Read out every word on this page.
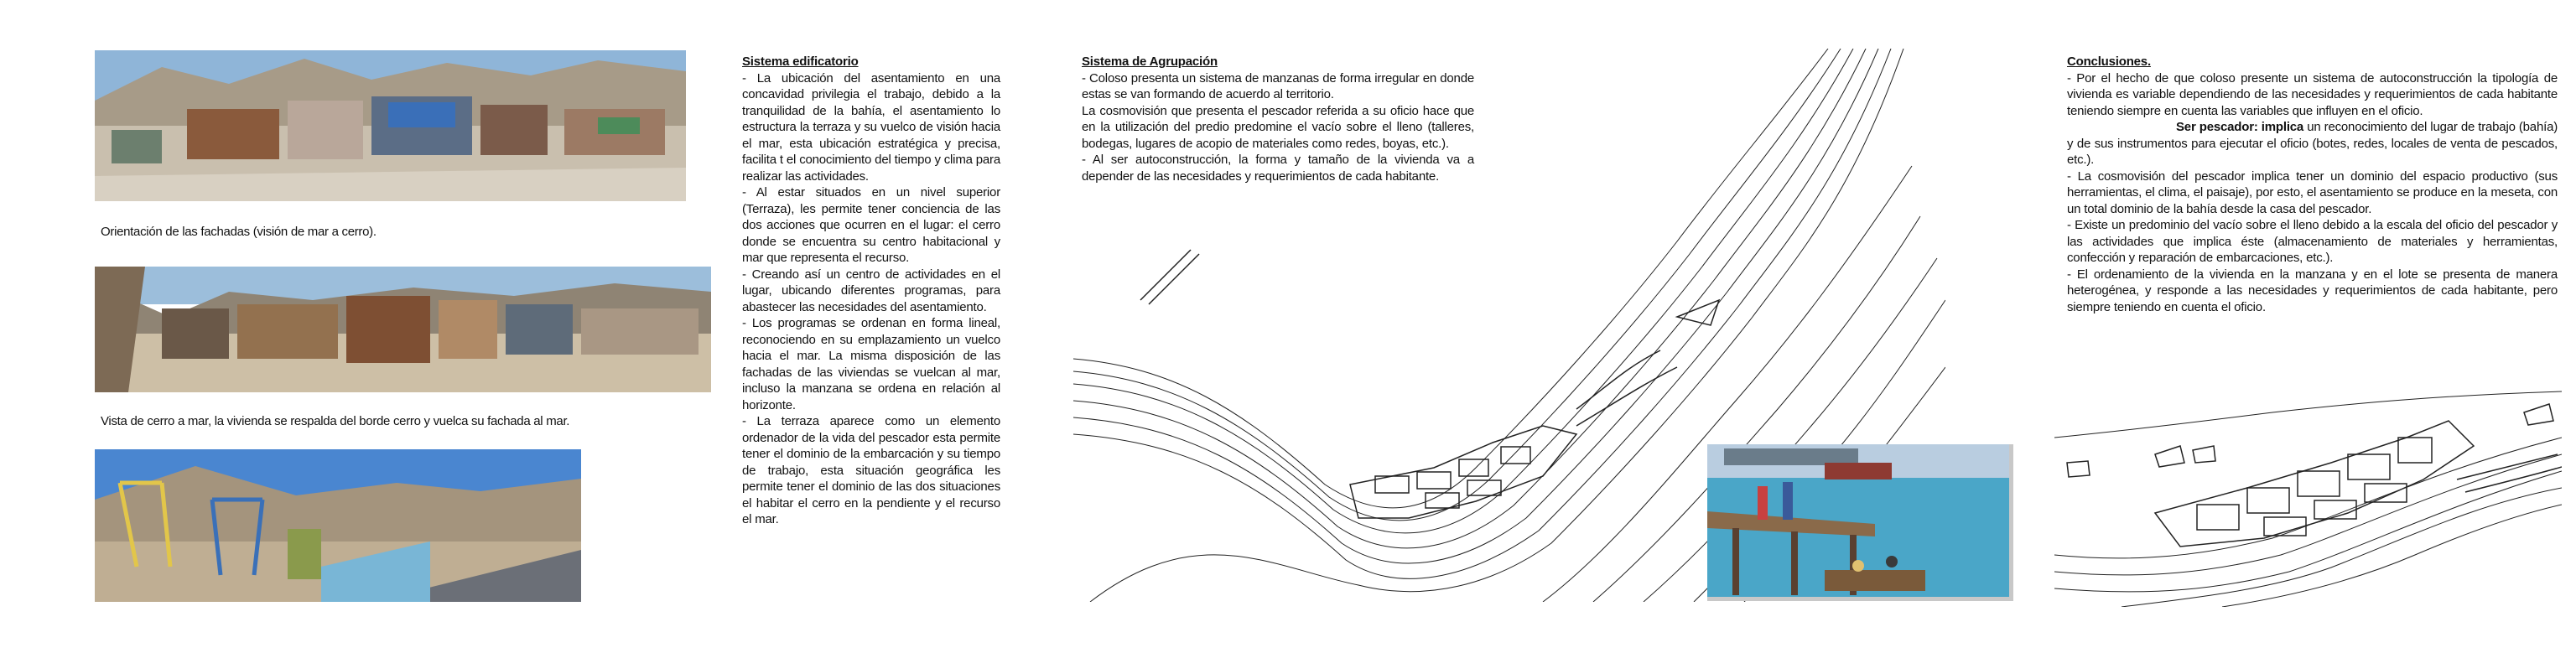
Orientación de las fachadas (visión de mar a cerro).
Vista de cerro a mar, la vivienda se respalda del borde cerro y vuelca su fachada al mar.
Sistema edificatorio

- La ubicación del asentamiento en una concavidad privilegia el trabajo, debido a la tranquilidad de la bahía, el asentamiento lo estructura la terraza y su vuelco de visión hacia el mar, esta ubicación estratégica y precisa, facilita t el conocimiento del tiempo y clima para realizar las actividades.

- Al estar situados en un nivel superior (Terraza), les permite tener conciencia de las dos acciones que ocurren en el lugar: el cerro donde se encuentra su centro habitacional y mar que representa el recurso.

- Creando así un centro de actividades en el lugar, ubicando diferentes programas, para abastecer las necesidades del asentamiento.

- Los programas se ordenan en forma lineal, reconociendo en su emplazamiento un vuelco hacia el mar. La misma disposición de las fachadas de las viviendas se vuelcan al mar, incluso la manzana se ordena en relación al horizonte.

- La terraza aparece como un elemento ordenador de la vida del pescador esta permite tener el dominio de la embarcación y su tiempo de trabajo, esta situación geográfica les permite tener el dominio de las dos situaciones el habitar el cerro en la pendiente y el recurso el mar.

Sistema de Agrupación

- Coloso presenta un sistema de manzanas de forma irregular en donde estas se van formando de acuerdo al territorio.

La cosmovisión que presenta el pescador referida a su oficio hace que en la utilización del predio predomine el vacío sobre el lleno (talleres, bodegas, lugares de acopio de materiales como redes, boyas, etc.).

- Al ser autoconstrucción, la forma y tamaño de la vivienda va a depender de las necesidades y requerimientos de cada habitante.

Conclusiones.

- Por el hecho de que coloso presente un sistema de autoconstrucción la tipología de vivienda es variable dependiendo de las necesidades y requerimientos de cada habitante teniendo siempre en cuenta las variables que influyen en el oficio.

Ser pescador: implica un reconocimiento del lugar de trabajo (bahía) y de sus instrumentos para ejecutar el oficio (botes, redes, locales de venta de pescados, etc.).

- La cosmovisión del pescador implica tener un dominio del espacio productivo (sus herramientas, el clima, el paisaje), por esto, el asentamiento se produce en la meseta, con un total dominio de la bahía desde la casa del pescador.

- Existe un predominio del vacío sobre el lleno debido a la escala del oficio del pescador y las actividades que implica éste (almacenamiento de materiales y herramientas, confección y reparación de embarcaciones, etc.).

- El ordenamiento de la vivienda en la manzana y en el lote se presenta de manera heterogénea, y responde a las necesidades y requerimientos de cada habitante, pero siempre teniendo en cuenta el oficio.
